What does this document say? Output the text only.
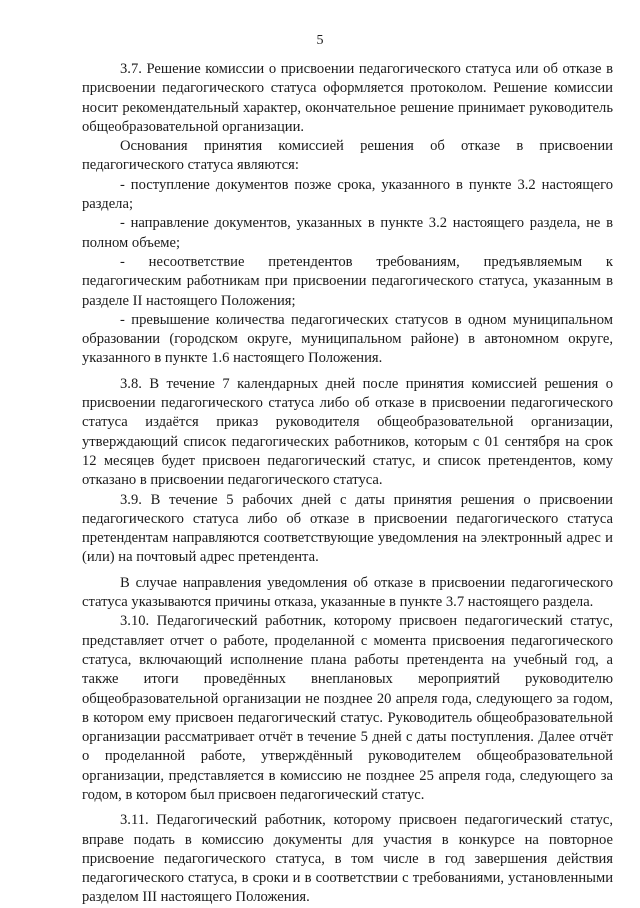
5

3.7. Решение комиссии о присвоении педагогического статуса или об отказе в присвоении педагогического статуса оформляется протоколом. Решение комиссии носит рекомендательный характер, окончательное решение принимает руководитель общеобразовательной организации.

Основания принятия комиссией решения об отказе в присвоении педагогического статуса являются:

- поступление документов позже срока, указанного в пункте 3.2 настоящего раздела;

- направление документов, указанных в пункте 3.2 настоящего раздела, не в полном объеме;

- несоответствие претендентов требованиям, предъявляемым к педагогическим работникам при присвоении педагогического статуса, указанным в разделе II настоящего Положения;

- превышение количества педагогических статусов в одном муниципальном образовании (городском округе, муниципальном районе) в автономном округе, указанного в пункте 1.6 настоящего Положения.

3.8. В течение 7 календарных дней после принятия комиссией решения о присвоении педагогического статуса либо об отказе в присвоении педагогического статуса издаётся приказ руководителя общеобразовательной организации, утверждающий список педагогических работников, которым с 01 сентября на срок 12 месяцев будет присвоен педагогический статус, и список претендентов, кому отказано в присвоении педагогического статуса.

3.9. В течение 5 рабочих дней с даты принятия решения о присвоении педагогического статуса либо об отказе в присвоении педагогического статуса претендентам направляются соответствующие уведомления на электронный адрес и (или) на почтовый адрес претендента.

В случае направления уведомления об отказе в присвоении педагогического статуса указываются причины отказа, указанные в пункте 3.7 настоящего раздела.

3.10. Педагогический работник, которому присвоен педагогический статус, представляет отчет о работе, проделанной с момента присвоения педагогического статуса, включающий исполнение плана работы претендента на учебный год, а также итоги проведённых внеплановых мероприятий руководителю общеобразовательной организации не позднее 20 апреля года, следующего за годом, в котором ему присвоен педагогический статус. Руководитель общеобразовательной организации рассматривает отчёт в течение 5 дней с даты поступления. Далее отчёт о проделанной работе, утверждённый руководителем общеобразовательной организации, представляется в комиссию не позднее 25 апреля года, следующего за годом, в котором был присвоен педагогический статус.

3.11. Педагогический работник, которому присвоен педагогический статус, вправе подать в комиссию документы для участия в конкурсе на повторное присвоение педагогического статуса, в том числе в год завершения действия педагогического статуса, в сроки и в соответствии с требованиями, установленными разделом III настоящего Положения.
